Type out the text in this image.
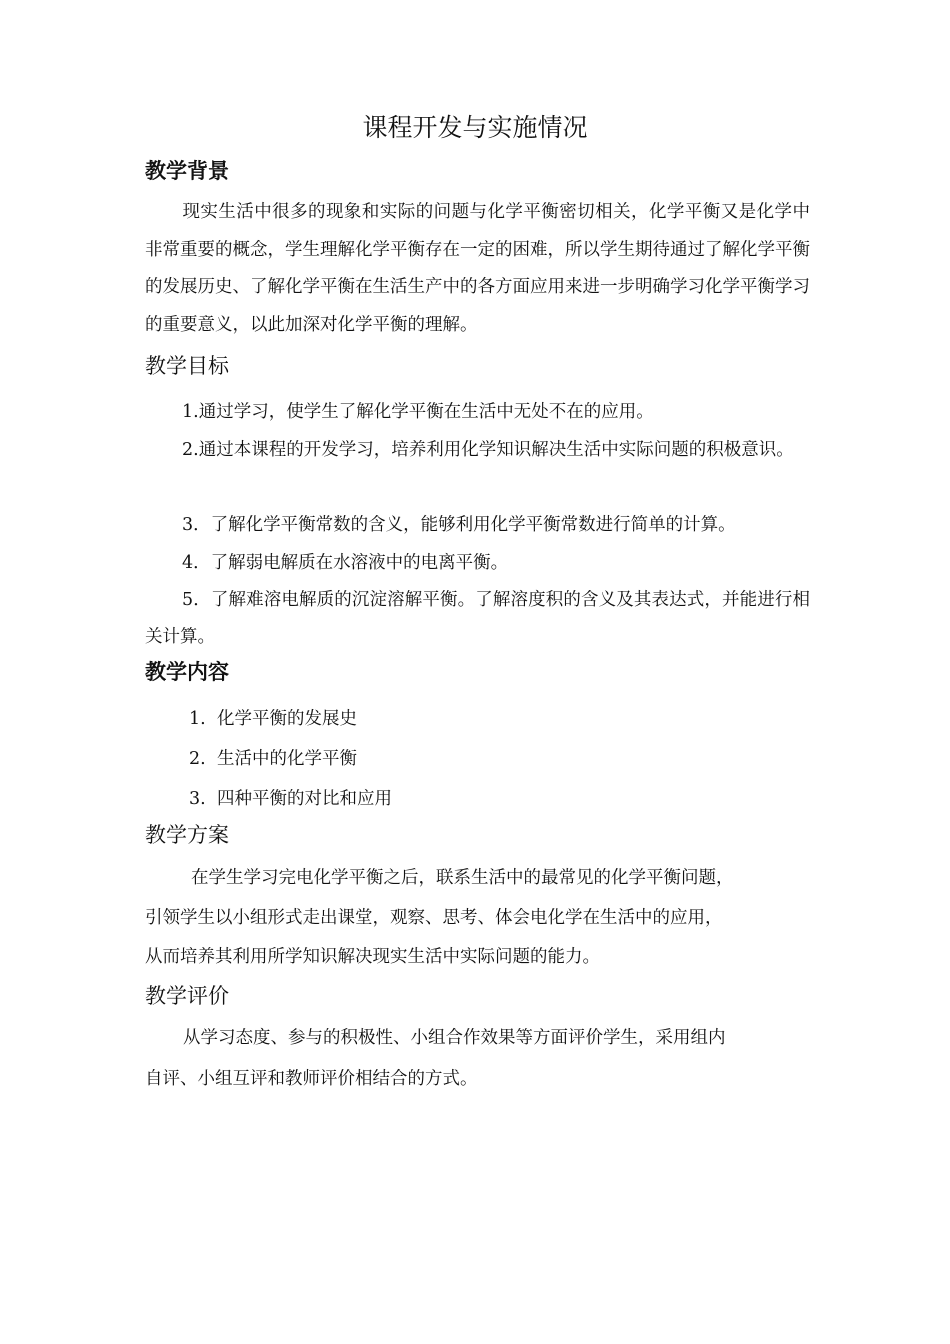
课程开发与实施情况
教学背景

现实生活中很多的现象和实际的问题与化学平衡密切相关，化学平衡又是化学中非常重要的概念，学生理解化学平衡存在一定的困难，所以学生期待通过了解化学平衡的发展历史、了解化学平衡在生活生产中的各方面应用来进一步明确学习化学平衡学习的重要意义，以此加深对化学平衡的理解。

教学目标

1.通过学习，使学生了解化学平衡在生活中无处不在的应用。

2.通过本课程的开发学习，培养利用化学知识解决生活中实际问题的积极意识。

3．了解化学平衡常数的含义，能够利用化学平衡常数进行简单的计算。

4．了解弱电解质在水溶液中的电离平衡。

5．了解难溶电解质的沉淀溶解平衡。了解溶度积的含义及其表达式，并能进行相关计算。

教学内容

1. 化学平衡的发展史

2. 生活中的化学平衡

3. 四种平衡的对比和应用

教学方案

在学生学习完电化学平衡之后，联系生活中的最常见的化学平衡问题，

引领学生以小组形式走出课堂，观察、思考、体会电化学在生活中的应用，

从而培养其利用所学知识解决现实生活中实际问题的能力。

教学评价

从学习态度、参与的积极性、小组合作效果等方面评价学生，采用组内

自评、小组互评和教师评价相结合的方式。
